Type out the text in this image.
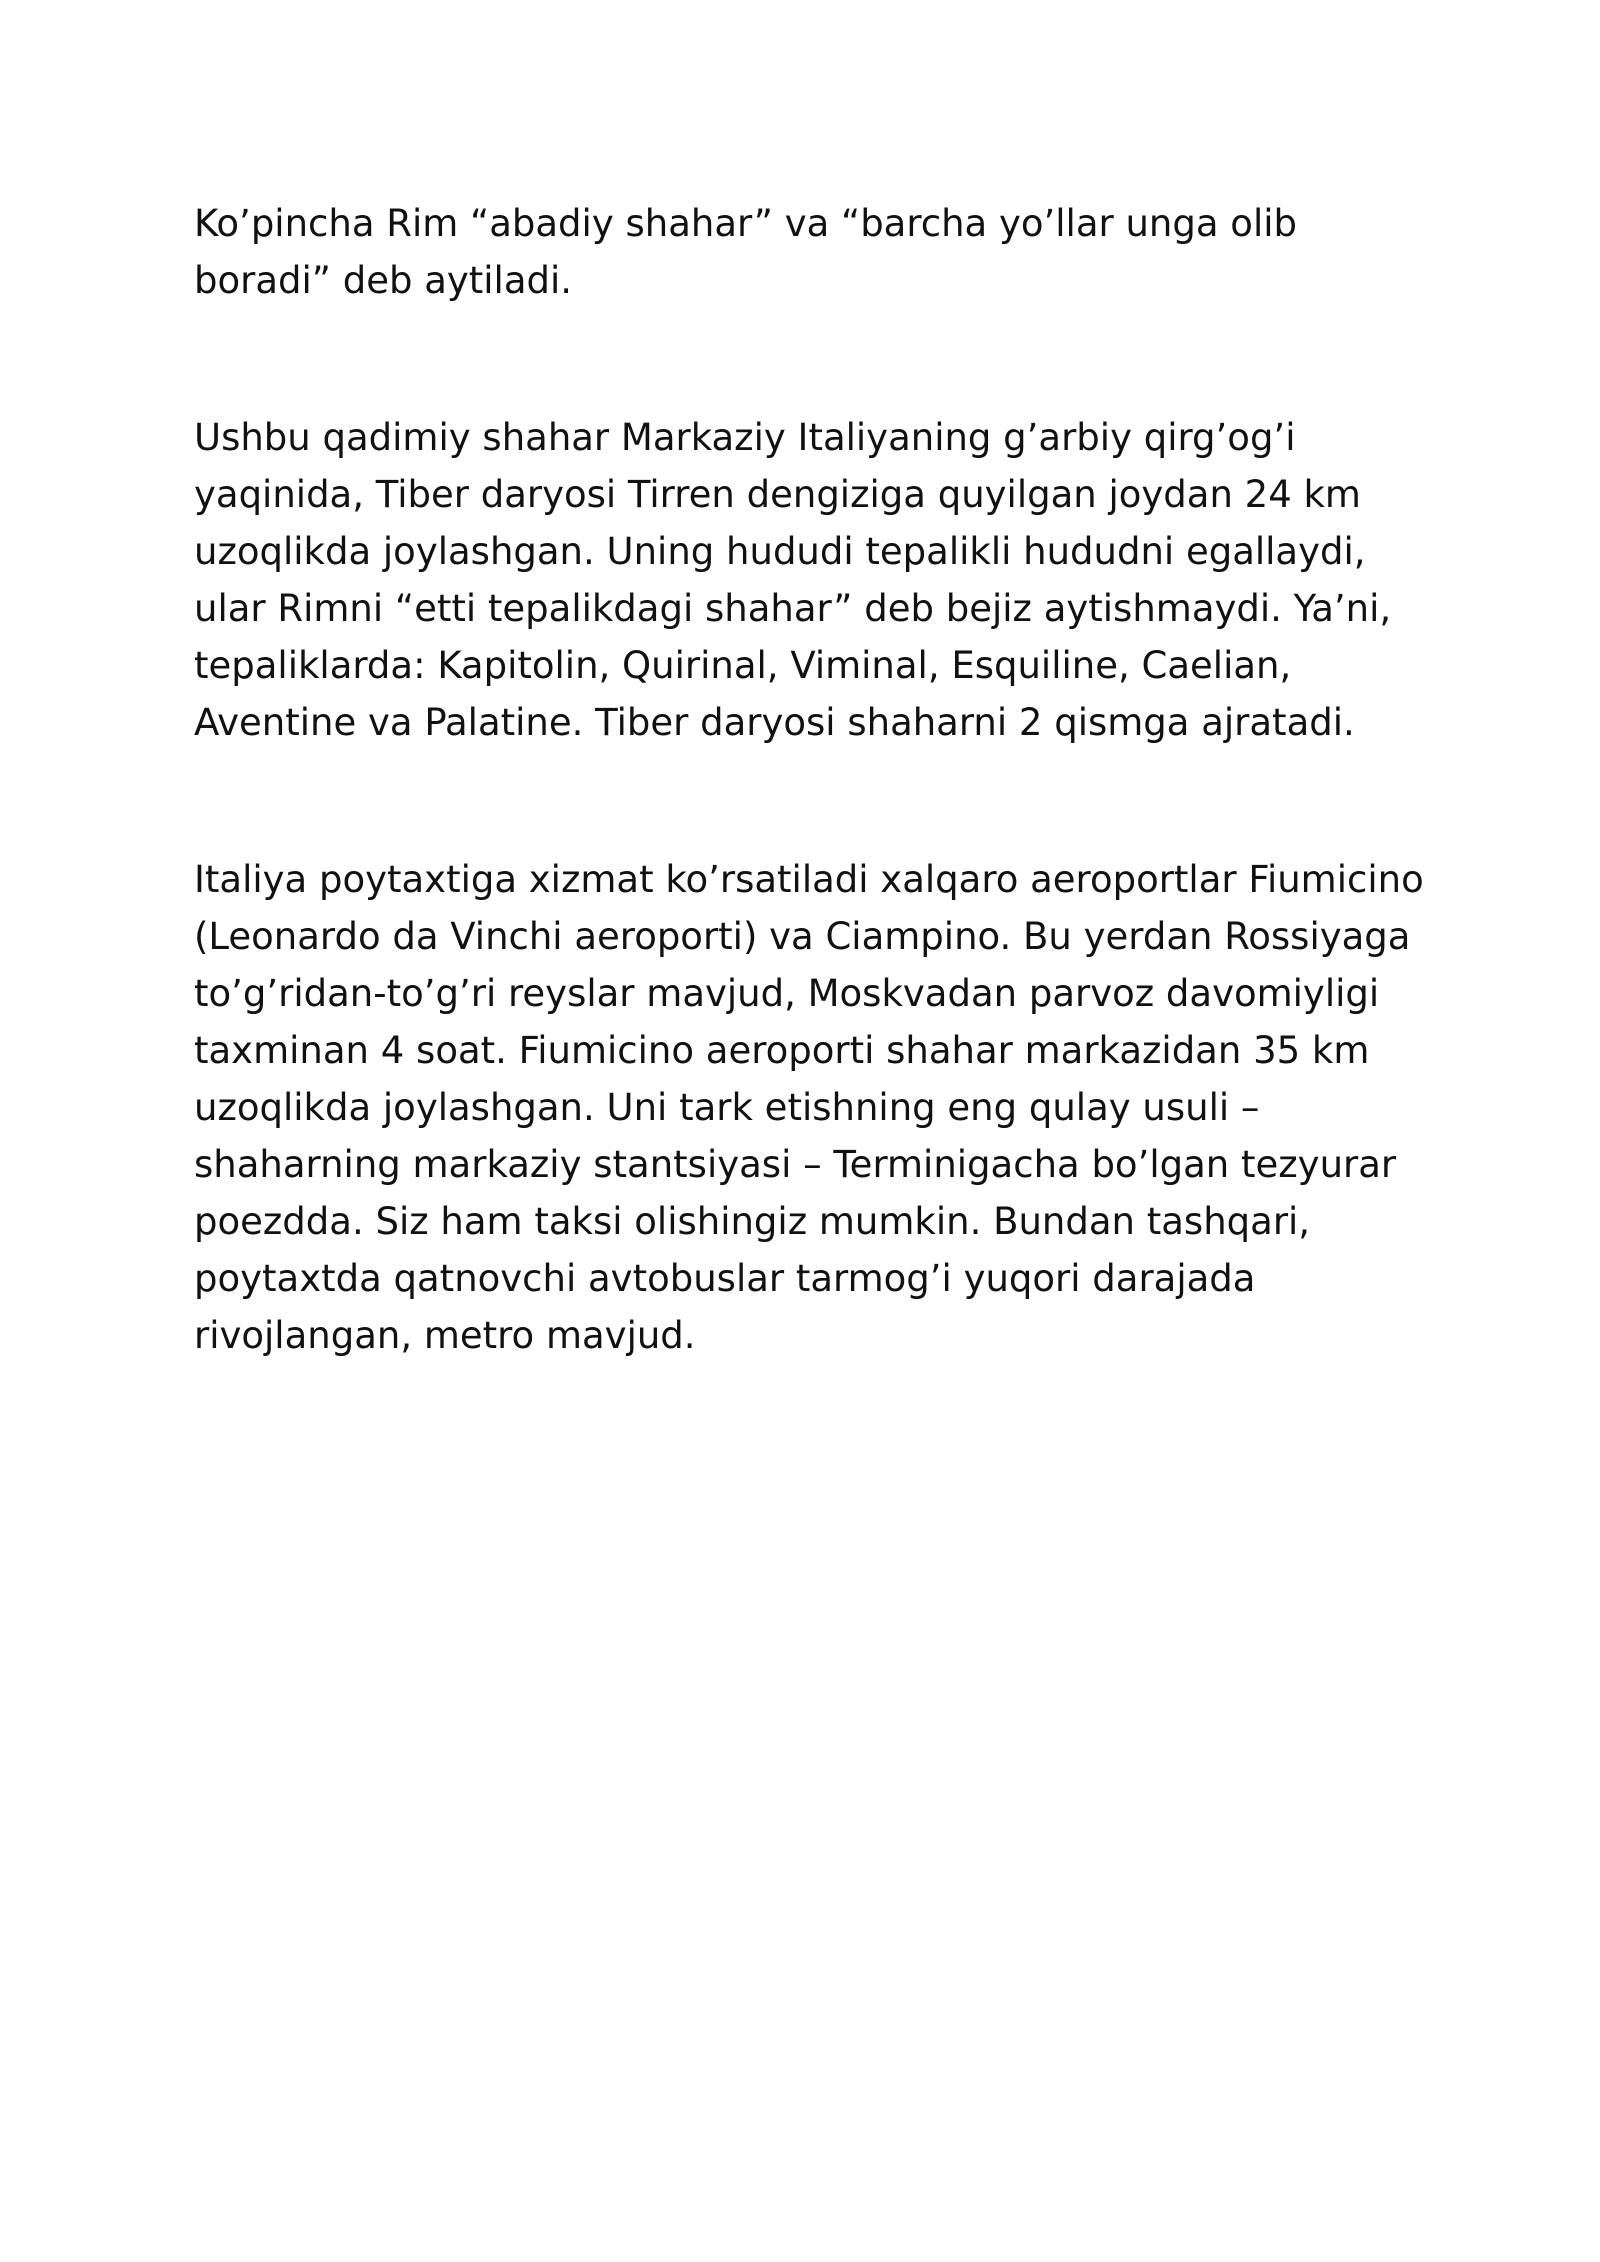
Ko’pincha Rim “abadiy shahar” va “barcha yo’llar unga olib boradi” deb aytiladi.

Ushbu qadimiy shahar Markaziy Italiyaning g’arbiy qirg’og’i yaqinida, Tiber daryosi Tirren dengiziga quyilgan joydan 24 km uzoqlikda joylashgan. Uning hududi tepalikli hududni egallaydi, ular Rimni “etti tepalikdagi shahar” deb bejiz aytishmaydi. Ya’ni, tepaliklarda: Kapitolin, Quirinal, Viminal, Esquiline, Caelian, Aventine va Palatine. Tiber daryosi shaharni 2 qismga ajratadi.

Italiya poytaxtiga xizmat ko’rsatiladi xalqaro aeroportlar Fiumicino (Leonardo da Vinchi aeroporti) va Ciampino. Bu yerdan Rossiyaga to’g’ridan-to’g’ri reyslar mavjud, Moskvadan parvoz davomiyligi taxminan 4 soat. Fiumicino aeroporti shahar markazidan 35 km uzoqlikda joylashgan. Uni tark etishning eng qulay usuli – shaharning markaziy stantsiyasi – Terminigacha bo’lgan tezyurar poezdda. Siz ham taksi olishingiz mumkin. Bundan tashqari, poytaxtda qatnovchi avtobuslar tarmog’i yuqori darajada rivojlangan, metro mavjud.
